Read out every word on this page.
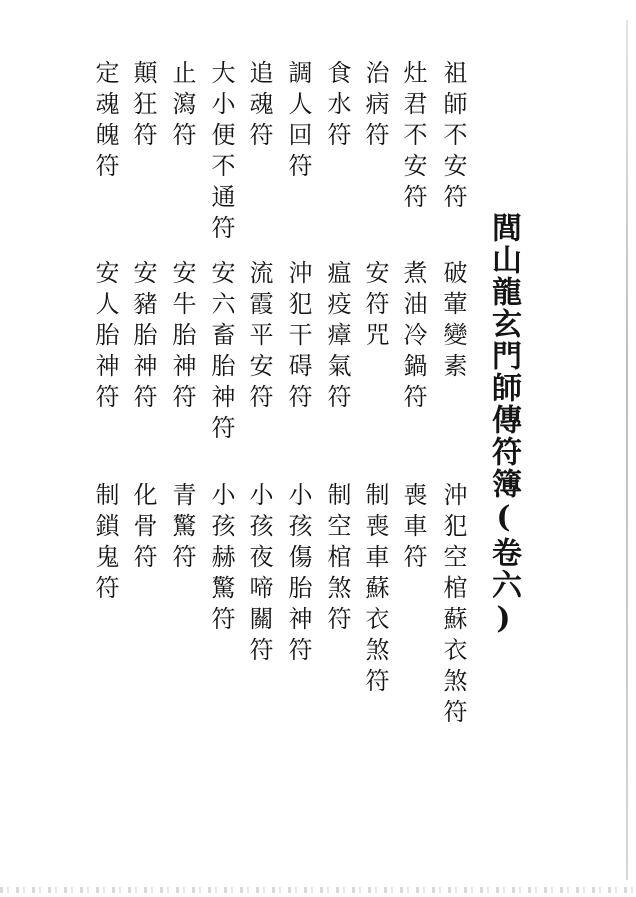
閭山龍玄門師傳符簿(卷六)
祖師不安符
灶君不安符
治病符
食水符
調人回符
追魂符
大小便不通符
止瀉符
顛狂符
定魂魄符
破葷變素
煮油冷鍋符
安符咒
瘟疫瘴氣符
沖犯干碍符
流霞平安符
安六畜胎神符
安牛胎神符
安豬胎神符
安人胎神符
沖犯空棺蘇衣煞符
喪車符
制喪車蘇衣煞符
制空棺煞符
小孩傷胎神符
小孩夜啼關符
小孩赫驚符
青驚符
化骨符
制鎖鬼符
